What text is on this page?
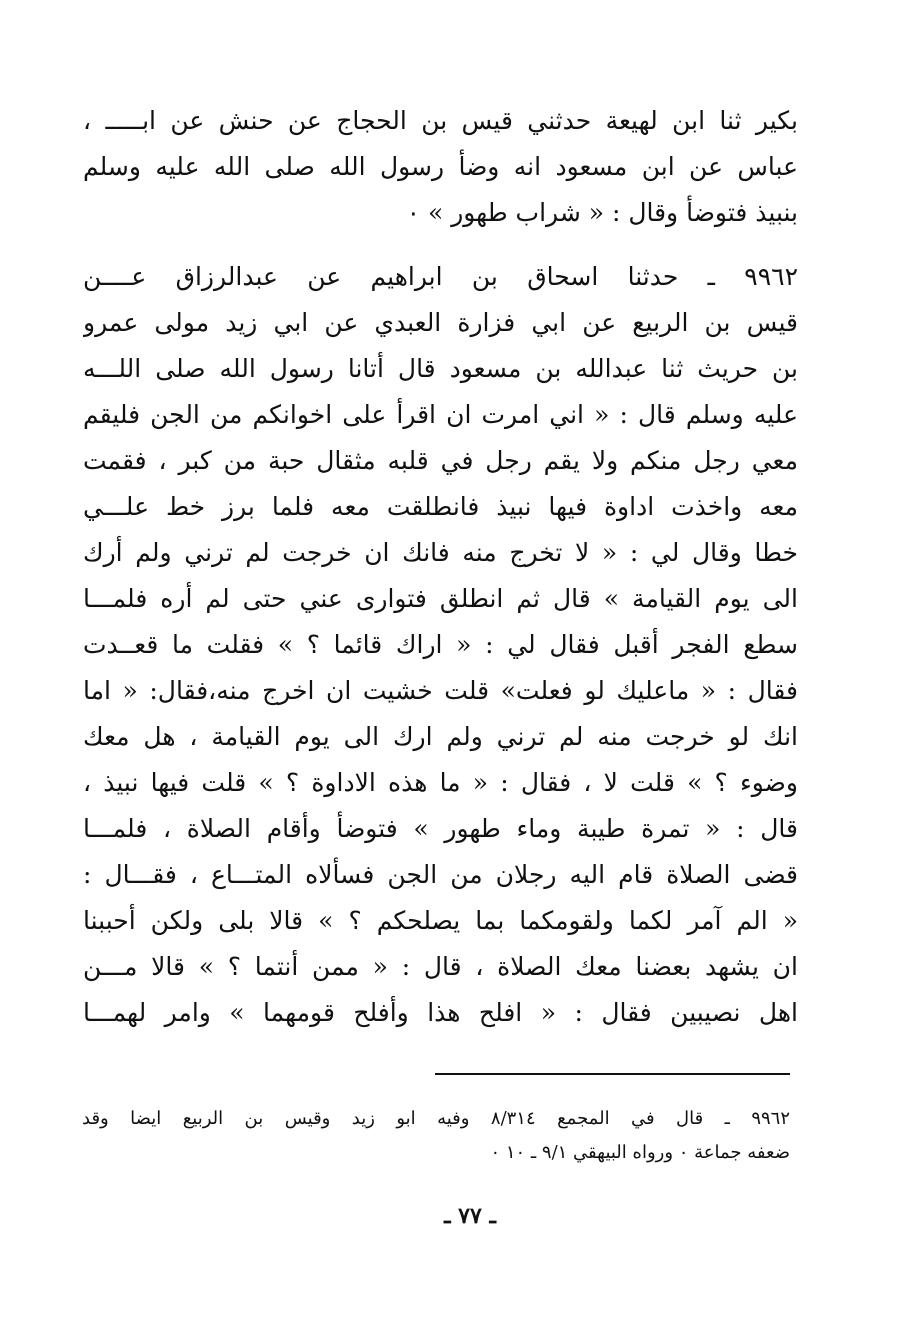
بكير ثنا ابن لهيعة حدثني قيس بن الحجاج عن حنش عن ابـــــ ،
عباس عن ابن مسعود انه وضأ رسول الله صلى الله عليه وسلم
بنبيذ فتوضأ وقال : « شراب طهور » ٠
٩٩٦٢ ـ حدثنا اسحاق بن ابراهيم عن عبدالرزاق عــــن
قيس بن الربيع عن ابي فزارة العبدي عن ابي زيد مولى عمرو
بن حريث ثنا عبدالله بن مسعود قال أتانا رسول الله صلى اللـــه
عليه وسلم قال : « اني امرت ان اقرأ على اخوانكم من الجن فليقم
معي رجل منكم ولا يقم رجل في قلبه مثقال حبة من كبر ، فقمت
معه واخذت اداوة فيها نبيذ فانطلقت معه فلما برز خط علـــي
خطا وقال لي : « لا تخرج منه فانك ان خرجت لم ترني ولم أرك
الى يوم القيامة » قال ثم انطلق فتوارى عني حتى لم أره فلمـــا
سطع الفجر أقبل فقال لي : « اراك قائما ؟ » فقلت ما قعــدت
فقال : « ماعليك لو فعلت» قلت خشيت ان اخرج منه،فقال: « اما
انك لو خرجت منه لم ترني ولم ارك الى يوم القيامة ، هل معك
وضوء ؟ » قلت لا ، فقال : « ما هذه الاداوة ؟ » قلت فيها نبيذ ،
قال : « تمرة طيبة وماء طهور » فتوضأ وأقام الصلاة ، فلمـــا
قضى الصلاة قام اليه رجلان من الجن فسألاه المتـــاع ، فقـــال :
« الم آمر لكما ولقومكما بما يصلحكم ؟ » قالا بلى ولكن أحببنا
ان يشهد بعضنا معك الصلاة ، قال : « ممن أنتما ؟ » قالا مـــن
اهل نصيبين فقال : « افلح هذا وأفلح قومهما » وامر لهمـــا
٩٩٦٢ ـ قال في المجمع ٨/٣١٤ وفيه ابو زيد وقيس بن الربيع ايضا وقد
ضعفه جماعة ٠ ورواه البيهقي ٩/١ ـ ١٠ ٠
ـ ٧٧ ـ
